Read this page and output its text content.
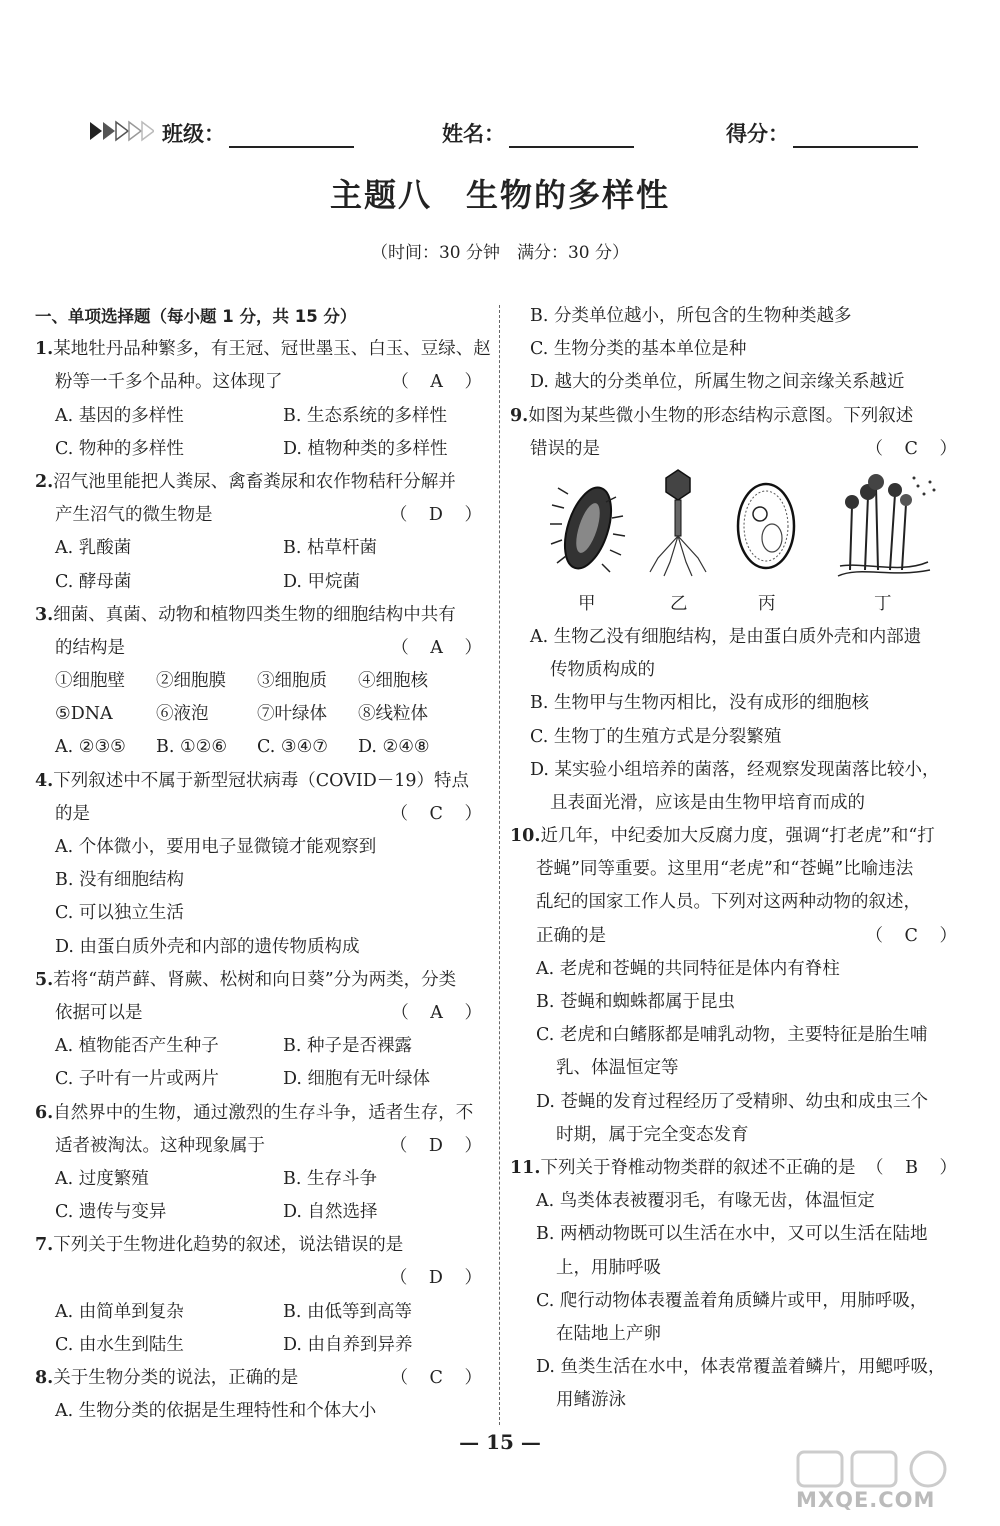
班级：	姓名：	得分：
主题八　生物的多样性
（时间：30 分钟　满分：30 分）
一、单项选择题（每小题 1 分，共 15 分）
1.某地牡丹品种繁多，有王冠、冠世墨玉、白玉、豆绿、赵
粉等一千多个品种。这体现了	（ A ）
A. 基因的多样性	B. 生态系统的多样性
C. 物种的多样性	D. 植物种类的多样性
2.沼气池里能把人粪尿、禽畜粪尿和农作物秸秆分解并
产生沼气的微生物是	（ D ）
A. 乳酸菌	B. 枯草杆菌
C. 酵母菌	D. 甲烷菌
3.细菌、真菌、动物和植物四类生物的细胞结构中共有
的结构是	（ A ）
①细胞壁 ②细胞膜 ③细胞质 ④细胞核
⑤DNA ⑥液泡	⑦叶绿体 ⑧线粒体
A. ②③⑤ B. ①②⑥ C. ③④⑦ D. ②④⑧
4.下列叙述中不属于新型冠状病毒（COVID－19）特点
的是	（ C ）
A. 个体微小，要用电子显微镜才能观察到
B. 没有细胞结构
C. 可以独立生活
D. 由蛋白质外壳和内部的遗传物质构成
5.若将“葫芦藓、肾蕨、松树和向日葵”分为两类，分类
依据可以是	（ A ）
A. 植物能否产生种子	B. 种子是否裸露
C. 子叶有一片或两片	D. 细胞有无叶绿体
6.自然界中的生物，通过激烈的生存斗争，适者生存，不
适者被淘汰。这种现象属于	（ D ）
A. 过度繁殖	B. 生存斗争
C. 遗传与变异	D. 自然选择
7.下列关于生物进化趋势的叙述，说法错误的是
（ D ）
A. 由简单到复杂	B. 由低等到高等
C. 由水生到陆生	D. 由自养到异养
8.关于生物分类的说法，正确的是	（ C ）
A. 生物分类的依据是生理特性和个体大小
B. 分类单位越小，所包含的生物种类越多
C. 生物分类的基本单位是种
D. 越大的分类单位，所属生物之间亲缘关系越近
9.如图为某些微小生物的形态结构示意图。下列叙述
错误的是	（ C ）
甲	乙	丙	丁
A. 生物乙没有细胞结构，是由蛋白质外壳和内部遗
传物质构成的
B. 生物甲与生物丙相比，没有成形的细胞核
C. 生物丁的生殖方式是分裂繁殖
D. 某实验小组培养的菌落，经观察发现菌落比较小，
且表面光滑，应该是由生物甲培育而成的
10.近几年，中纪委加大反腐力度，强调“打老虎”和“打
苍蝇”同等重要。这里用“老虎”和“苍蝇”比喻违法
乱纪的国家工作人员。下列对这两种动物的叙述，
正确的是	（ C ）
A. 老虎和苍蝇的共同特征是体内有脊柱
B. 苍蝇和蜘蛛都属于昆虫
C. 老虎和白鳍豚都是哺乳动物，主要特征是胎生哺
乳、体温恒定等
D. 苍蝇的发育过程经历了受精卵、幼虫和成虫三个
时期，属于完全变态发育
11.下列关于脊椎动物类群的叙述不正确的是 （ B ）
A. 鸟类体表被覆羽毛，有喙无齿，体温恒定
B. 两栖动物既可以生活在水中，又可以生活在陆地
上，用肺呼吸
C. 爬行动物体表覆盖着角质鳞片或甲，用肺呼吸，
在陆地上产卵
D. 鱼类生活在水中，体表常覆盖着鳞片，用鳃呼吸，
用鳍游泳
— 15 —
MXQE.COM
